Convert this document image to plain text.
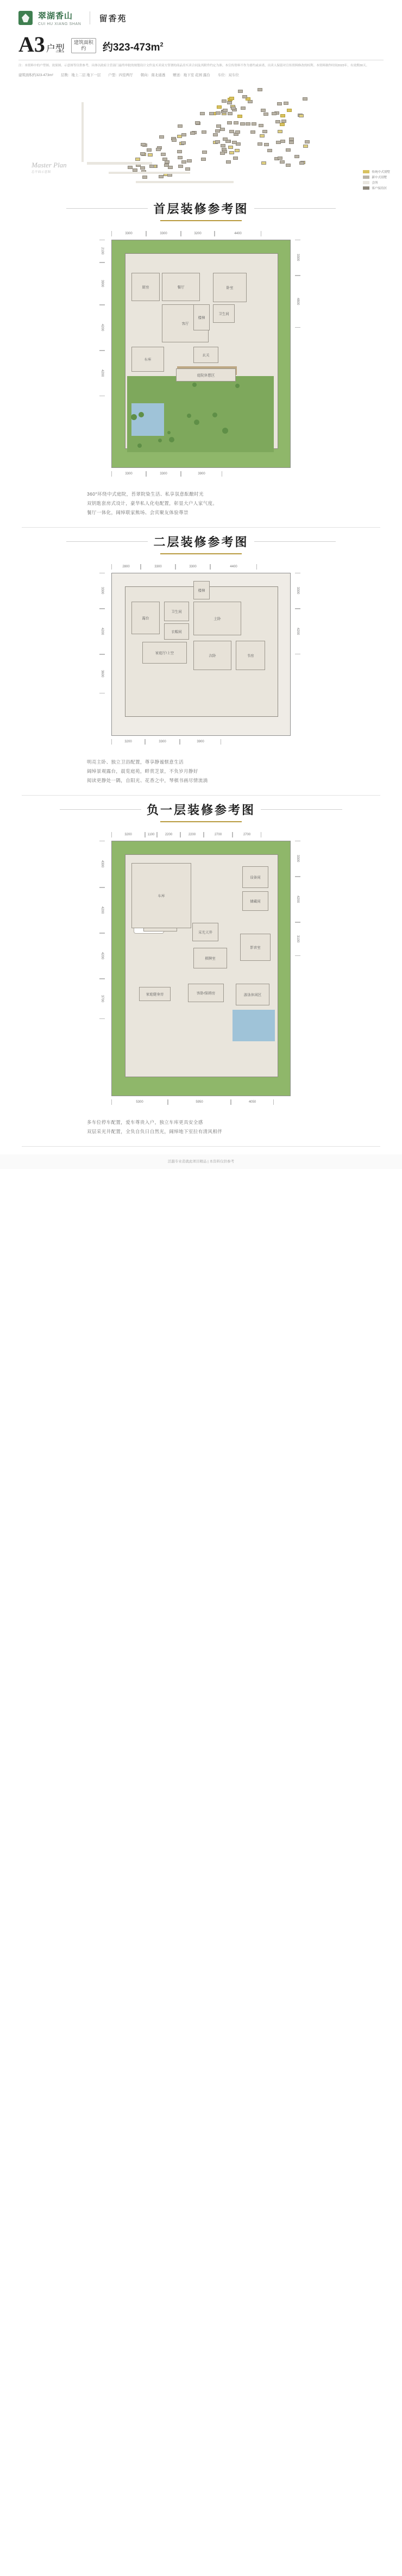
翠湖香山
CUI HU XIANG SHAN
留香苑
A3 户型
建筑面积
约	约$323-473m^2$
注：本资料中的户型图、效果图、示意图等仅供参考，具体以政府主管部门最终审批的规划设计文件及买卖双方签署的商品房买卖合同及其附件约定为准。本宣传资料不作为要约或承诺，出卖人保留对宣传资料修改的权利。本资料制作时间2023年，有效期30天。
建筑面积约323-473m² 层数：地上二层 地下一层 户型：四室两厅 朝向：南北通透 赠送：地下室 花园 露台 车位：双车位
Master Plan
总平面示意图	传统中式别墅
新中式别墅
会所
客户接待区
首层装修参考图
3300	3300	3200	4400
客厅
餐厅
厨房	卧室
卫生间
玄关
楼梯
庭院休憩区
车库
2100
3900
4200
4200
3300
4800
3300	3300	3900
360°环绕中式庭院，苔翠院染生活、私享氛意酝酿时光
双钥匙套房式设计，豪华私人化电配置，彰显大户人家气度。
餐厅一体化，阔绰联家熊场、会宾聚友体验尊崇
二层装修参考图
2800	3300	3300	4400
主卧
卫生间
衣帽间
次卧
家庭厅/上空
书房
楼梯
露台
3300
4200
3600
3300
4200
3200	3300	3900
明亮主卧、独立卫浴配置，尊享静谧惬意生活
阔绰景观露台，晨览庭苑，畔赏芝景，不负岁月静好
阅读更静处一隅，自阳光、花香之中，琴棋书画尽情流淌
负一层装修参考图
3200	1100	2200	2200	2700	2700
车库
设备间
储藏间
影音室
棋牌室
采光天井
家庭健身房	客卧/保姆房	游泳休闲区
4300
4200
4200
3700
3300
4200
3100
5300	5950	4050
多车位停车配置，爱车尊贵入户，独立车库更具安全感
双层采光井配置，全负自负日自然光，阔绰地下室拉有清风相伴
活越专业造就此项目精品 | 本资料仅供参考
